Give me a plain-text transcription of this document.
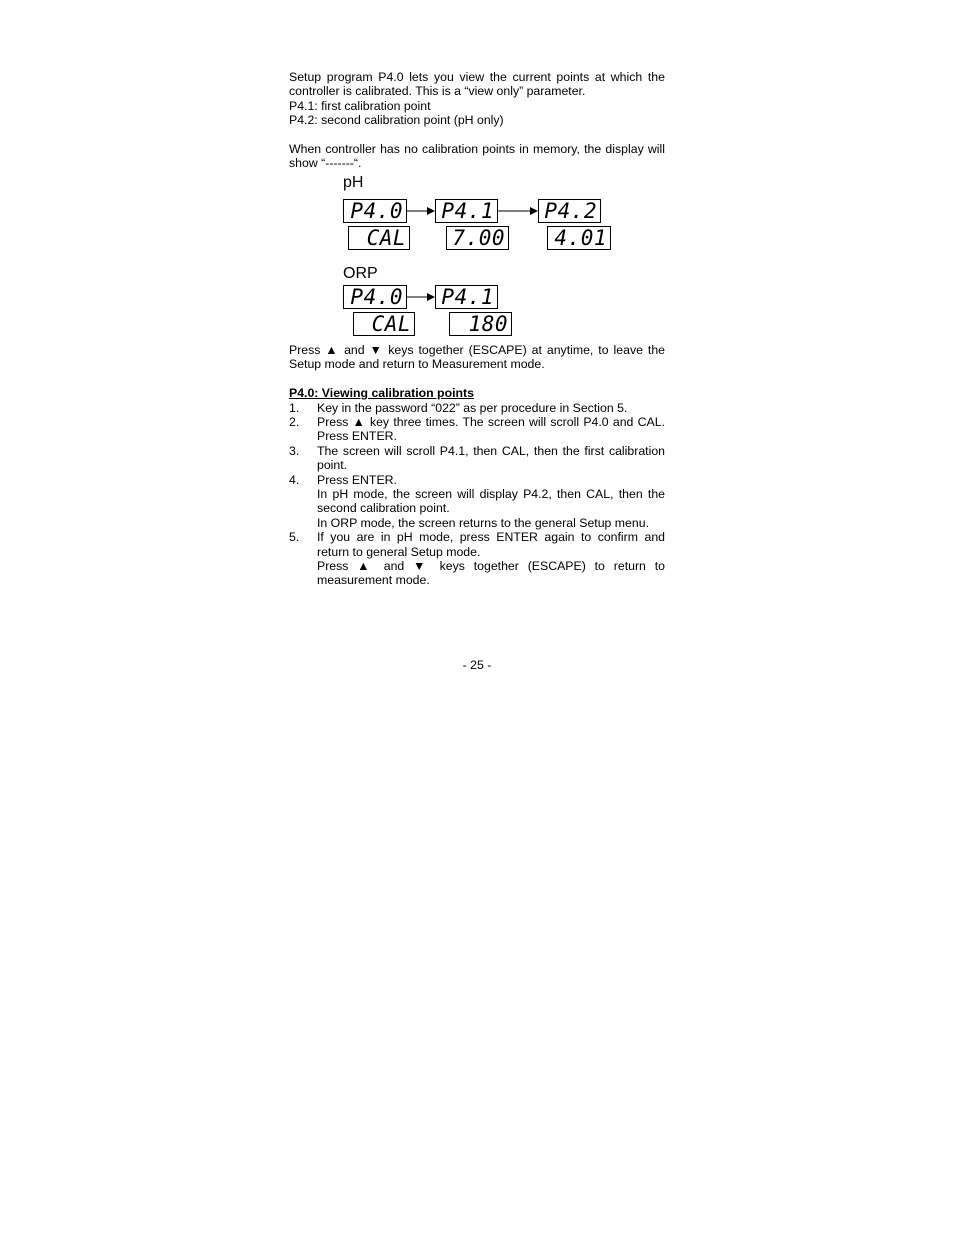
Setup program P4.0 lets you view the current points at which the controller is calibrated. This is a “view only” parameter.

P4.1: first calibration point

P4.2: second calibration point (pH only)

When controller has no calibration points in memory, the display will show “-------“.

pH
P4.0	P4.1	P4.2
CAL	7.00	4.01
ORP
P4.0	P4.1
CAL	180

Press ▲ and ▼ keys together (ESCAPE) at anytime, to leave the Setup mode and return to Measurement mode.

P4.0: Viewing calibration points

1. Key in the password “022” as per procedure in Section 5.

2. Press ▲ key three times. The screen will scroll P4.0 and CAL. Press ENTER.

3. The screen will scroll P4.1, then CAL, then the first calibration point.

4. Press ENTER.

In pH mode, the screen will display P4.2, then CAL, then the second calibration point.

In ORP mode, the screen returns to the general Setup menu.

5. If you are in pH mode, press ENTER again to confirm and return to general Setup mode.

Press ▲ and ▼ keys together (ESCAPE) to return to measurement mode.

- 25 -
